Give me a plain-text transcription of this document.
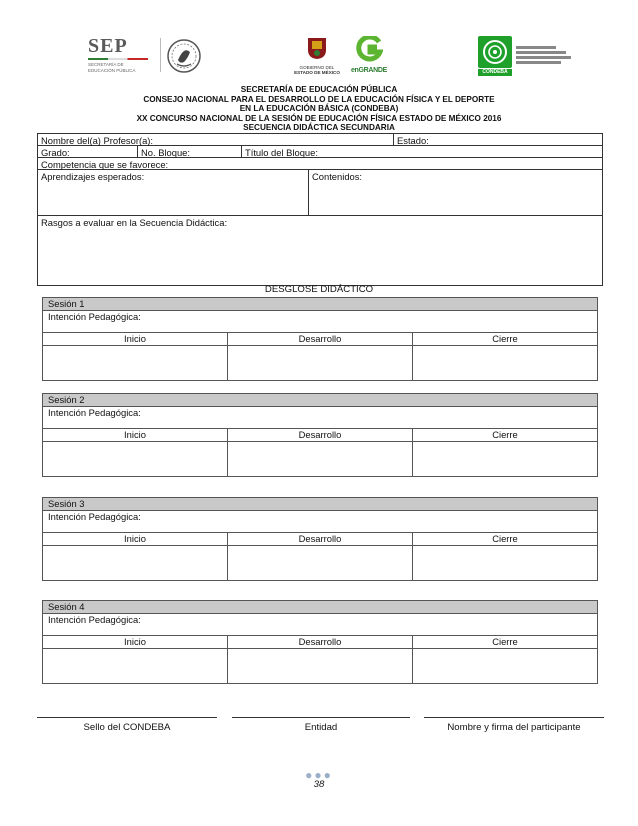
SEP
SECRETARÍA DE
EDUCACIÓN PÚBLICA
GOBIERNO DEL
ESTADO DE MÉXICO	enGRANDE	CONDEBA
SECRETARÍA DE EDUCACIÓN PÚBLICA
CONSEJO NACIONAL PARA EL DESARROLLO DE LA EDUCACIÓN FÍSICA Y EL DEPORTE
EN LA EDUCACIÓN BÁSICA (CONDEBA)
XX CONCURSO NACIONAL DE LA SESIÓN DE EDUCACIÓN FÍSICA ESTADO DE MÉXICO 2016
SECUENCIA DIDÁCTICA SECUNDARIA
Nombre del(a) Profesor(a):	Estado:
Grado:	No. Bloque:	Título del Bloque:
Competencia que se favorece:
Aprendizajes esperados:	Contenidos:
Rasgos a evaluar en la Secuencia Didáctica:
DESGLOSE DIDÁCTICO
Sesión 1
Intención Pedagógica:
Inicio	Desarrollo	Cierre
Sesión 2
Intención Pedagógica:
Inicio	Desarrollo	Cierre
Sesión 3
Intención Pedagógica:
Inicio	Desarrollo	Cierre
Sesión 4
Intención Pedagógica:
Inicio	Desarrollo	Cierre
Sello del CONDEBA	Entidad	Nombre y firma del participante
●●●
38
